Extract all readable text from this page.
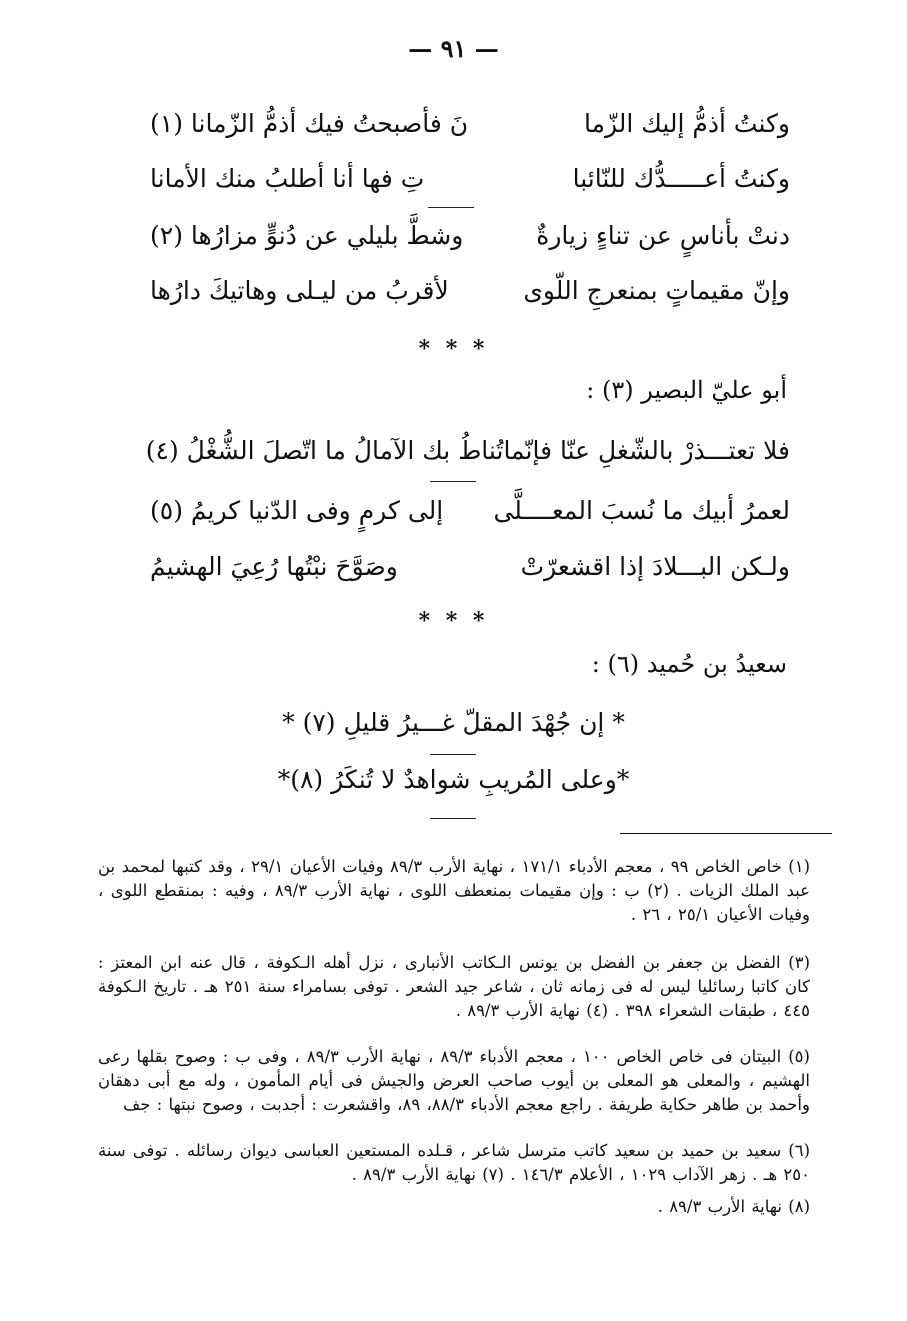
— ٩١ —
وكنتُ أذمُّ إليك الزّما
نَ فأصبحتُ فيك أذمُّ الزّمانا (١)
وكنتُ أعـــــدُّك للنّائبا
تِ فها أنا أطلبُ منك الأمانا
دنتْ بأناسٍ عن تناءٍ زيارةٌ
وشطَّ بليلي عن دُنوٍّ مزارُها (٢)
وإنّ مقيماتٍ بمنعرجِ اللّوى
لأقربُ من ليـلى وهاتيكَ دارُها
* * *
أبو عليّ البصير (٣) :
فلا تعتـــذرْ بالشّغلِ عنّا فإنّما
تُناطُ بك الآمالُ ما اتّصلَ الشُّغْلُ (٤)
لعمرُ أبيك ما نُسبَ المعــــلَّى
إلى كرمٍ وفى الدّنيا كريمُ (٥)
ولـكن البـــلادَ إذا اقشعرّتْ
وصَوَّحَ نبْتُها رُعِيَ الهشيمُ
* * *
سعيدُ بن حُميد (٦) :
* إن جُهْدَ المقلّ غـــيرُ قليلِ (٧) *
*وعلى المُريبِ شواهدٌ لا تُنكَرُ (٨)*
(١) خاص الخاص ٩٩ ، معجم الأدباء ١٧١/١ ، نهاية الأرب ٨٩/٣ وفيات الأعيان ٢٩/١ ، وقد كتبها لمحمد بن عبد الملك الزيات . (٢) ب : وإن مقيمات بمنعطف اللوى ، نهاية الأرب ٨٩/٣ ، وفيه : بمنقطع اللوى ، وفيات الأعيان ٢٥/١ ، ٢٦ .
(٣) الفضل بن جعفر بن الفضل بن يونس الـكاتب الأنبارى ، نزل أهله الـكوفة ، قال عنه ابن المعتز : كان كاتبا رسائليا ليس له فى زمانه ثان ، شاعر جيد الشعر . توفى بسامراء سنة ٢٥١ هـ . تاريخ الـكوفة ٤٤٥ ، طبقات الشعراء ٣٩٨ . (٤) نهاية الأرب ٨٩/٣ .
(٥) البيتان فى خاص الخاص ١٠٠ ، معجم الأدباء ٨٩/٣ ، نهاية الأرب ٨٩/٣ ، وفى ب : وصوح بقلها رعى الهشيم ، والمعلى هو المعلى بن أيوب صاحب العرض والجيش فى أيام المأمون ، وله مع أبى دهقان وأحمد بن طاهر حكاية طريفة . راجع معجم الأدباء ٨٨/٣، ٨٩، واقشعرت : أجدبت ، وصوح نبتها : جف
(٦) سعيد بن حميد بن سعيد كاتب مترسل شاعر ، قـلده المستعين العباسى ديوان رسائله . توفى سنة ٢٥٠ هـ . زهر الآداب ١٠٢٩ ، الأعلام ١٤٦/٣ . (٧) نهاية الأرب ٨٩/٣ .
(٨) نهاية الأرب ٨٩/٣ .
